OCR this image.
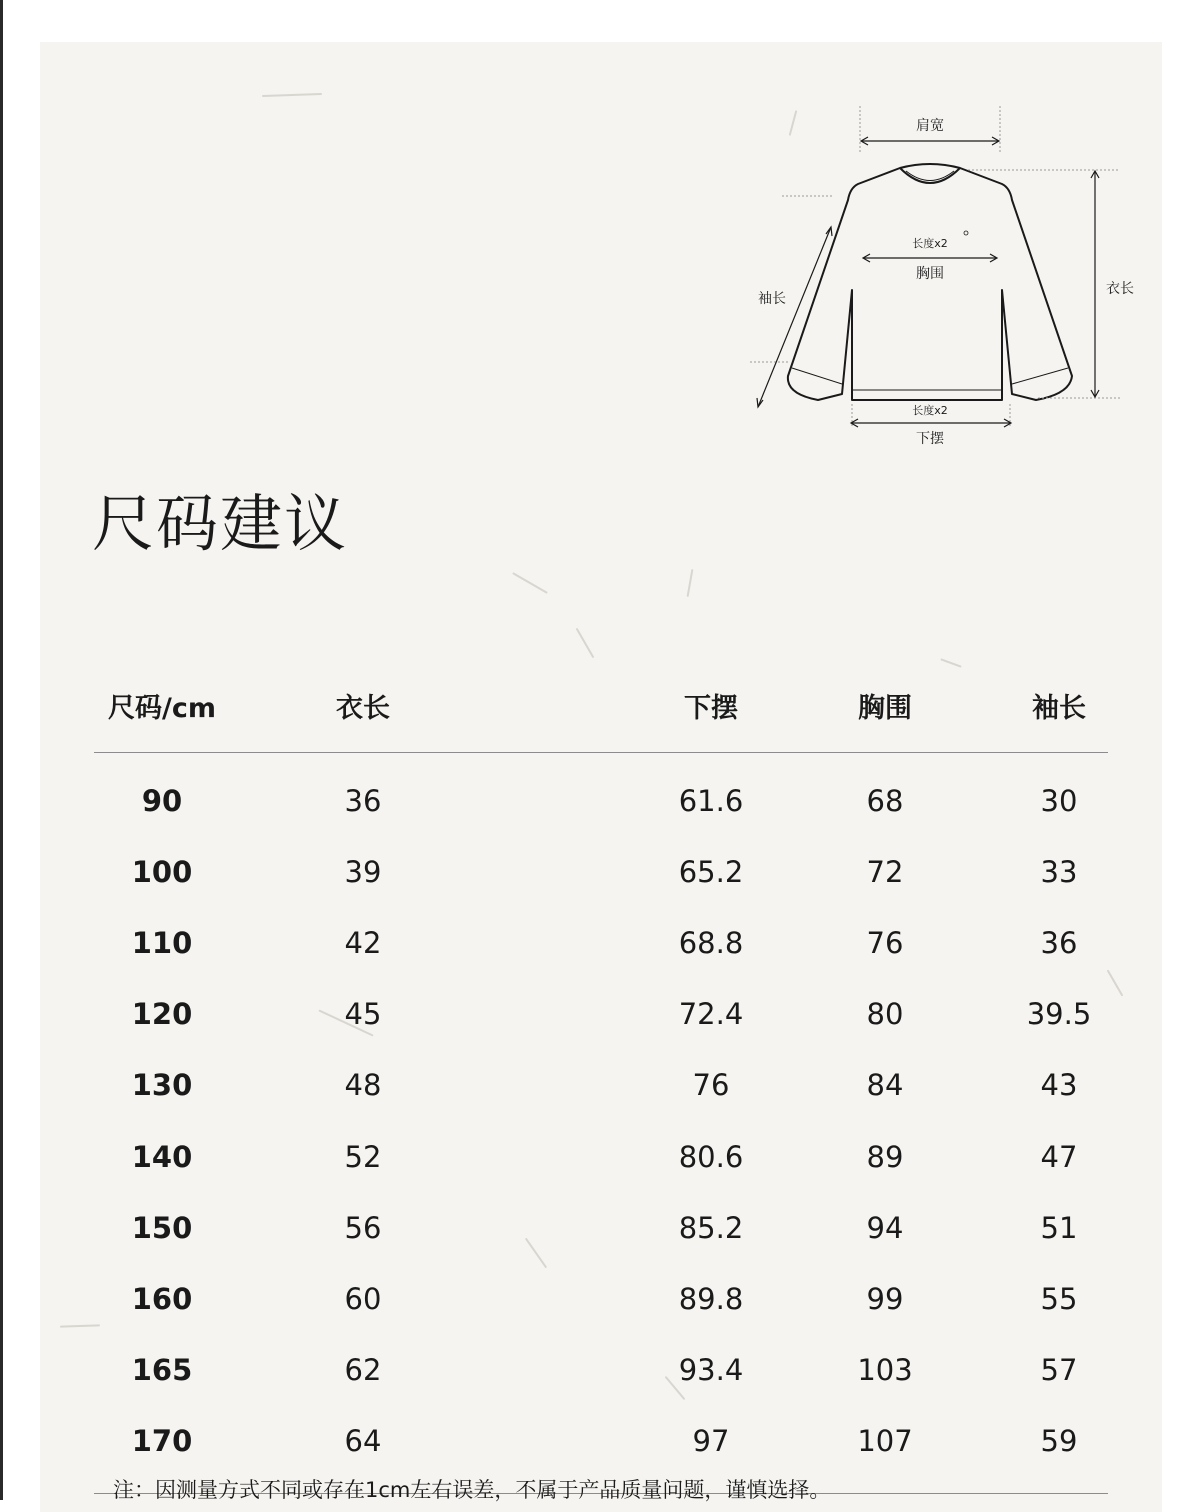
肩宽
长度x2
胸围
袖长
衣长
长度x2
下摆
尺码建议
尺码/cm	衣长	下摆	胸围	袖长
90	36	61.6	68	30
100	39	65.2	72	33
110	42	68.8	76	36
120	45	72.4	80	39.5
130	48	76	84	43
140	52	80.6	89	47
150	56	85.2	94	51
160	60	89.8	99	55
165	62	93.4	103	57
170	64	97	107	59
注：因测量方式不同或存在1cm左右误差，不属于产品质量问题，谨慎选择。
